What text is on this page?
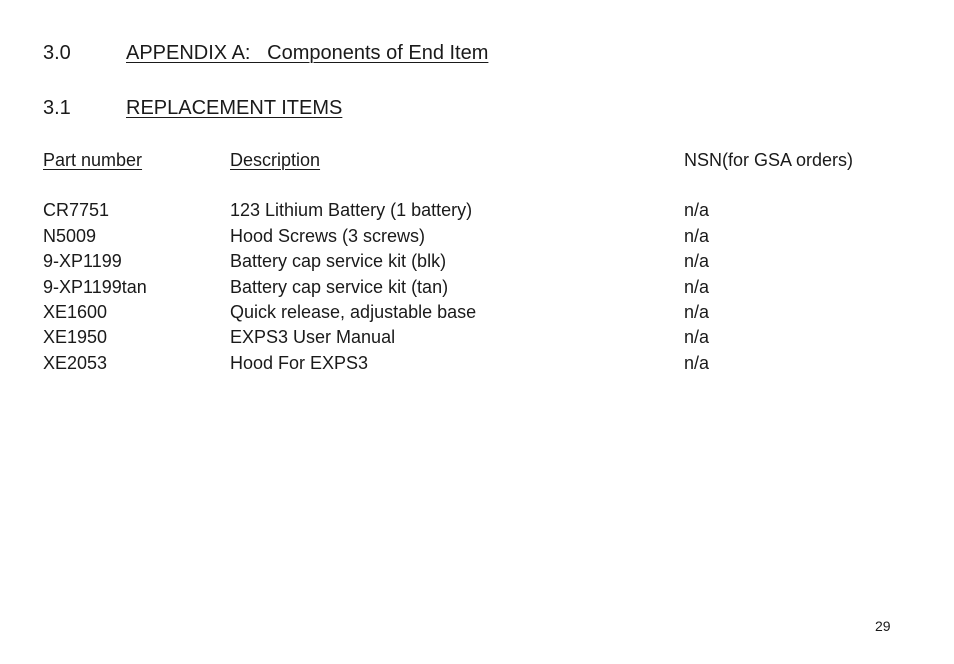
3.0

	APPENDIX A:   Components of End Item

3.1

	REPLACEMENT ITEMS

Part number	Description	NSN(for GSA orders)
CR7751	123 Lithium Battery (1 battery)	n/a
N5009	Hood Screws (3 screws)	n/a
9-XP1199	Battery cap service kit (blk)	n/a
9-XP1199tan	Battery cap service kit (tan)	n/a
XE1600	Quick release, adjustable base	n/a
XE1950	EXPS3 User Manual	n/a
XE2053	Hood For EXPS3	n/a
29
